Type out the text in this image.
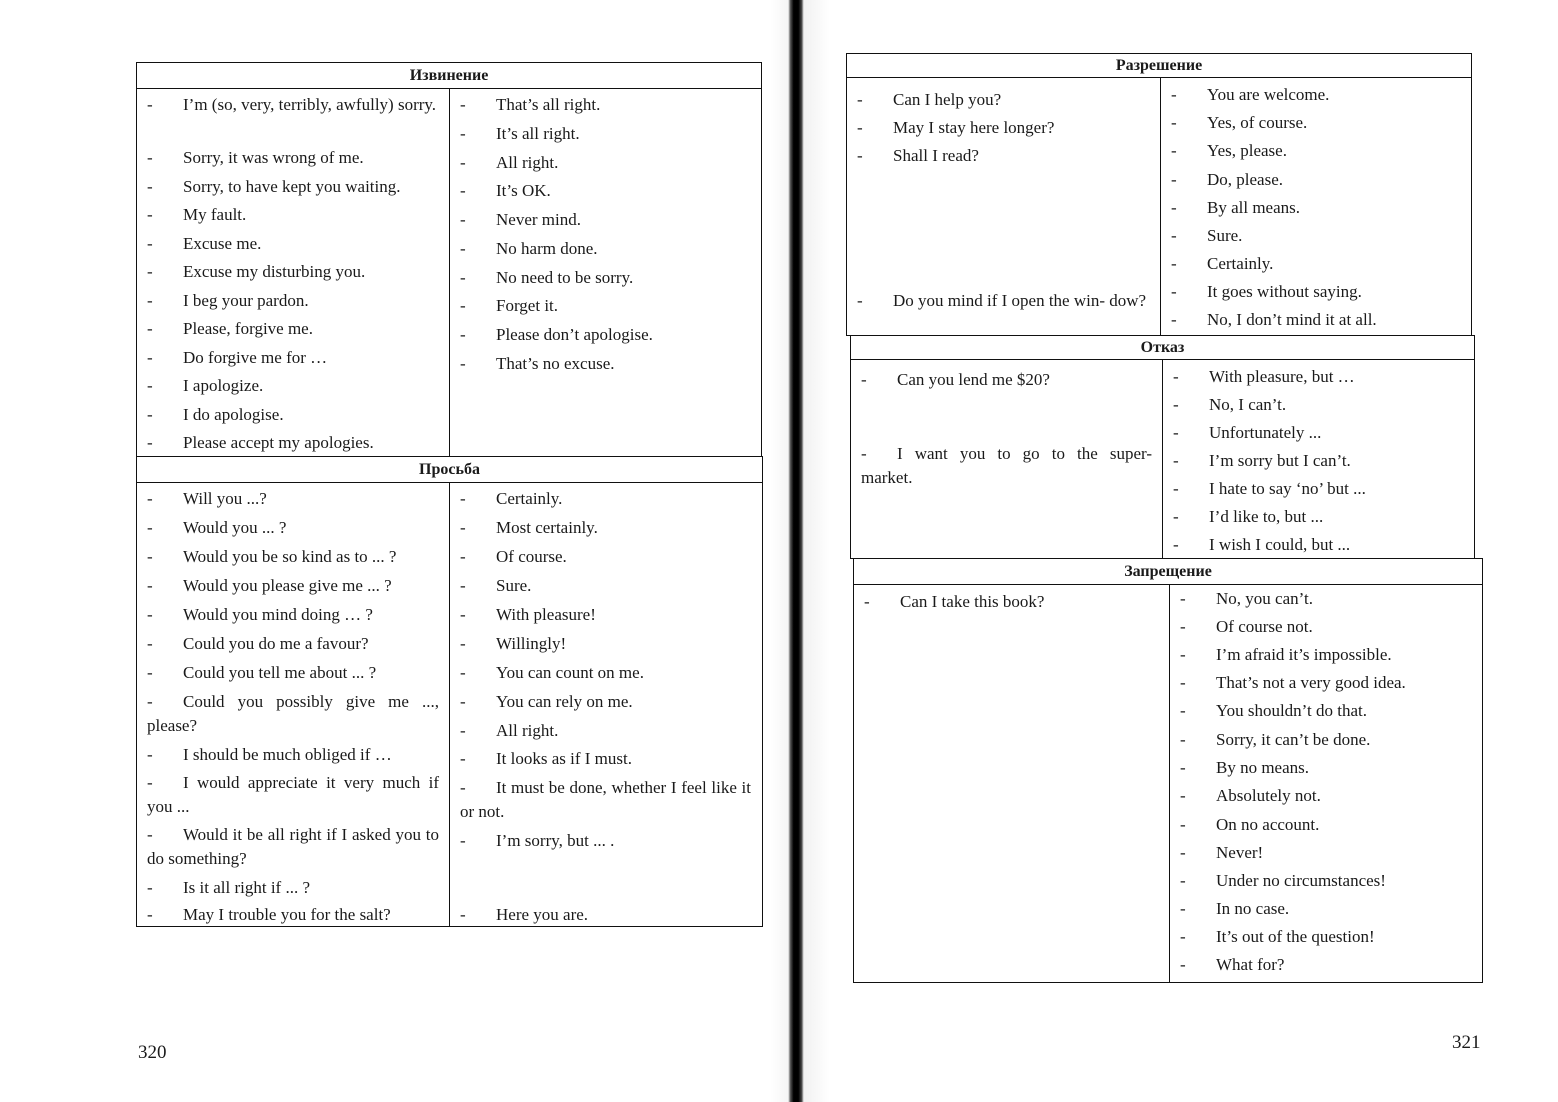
Извинение
- I’m (so, very, terribly, awfully) sorry.
- Sorry, it was wrong of me.
- Sorry, to have kept you waiting.
- My fault.
- Excuse me.
- Excuse my disturbing you.
- I beg your pardon.
- Please, forgive me.
- Do forgive me for …
- I apologize.
- I do apologise.
- Please accept my apologies.
- That’s all right.
- It’s all right.
- All right.
- It’s OK.
- Never mind.
- No harm done.
- No need to be sorry.
- Forget it.
- Please don’t apologise.
- That’s no excuse.
Просьба
- Will you ...?
- Would you ... ?
- Would you be so kind as to ... ?
- Would you please give me ... ?
- Would you mind doing … ?
- Could you do me a favour?
- Could you tell me about ... ?
- Could you possibly give me ..., please?
- I should be much obliged if …
- I would appreciate it very much if you ...
- Would it be all right if I asked you to do something?
- Is it all right if ... ?
- May I trouble you for the salt?
- Certainly.
- Most certainly.
- Of course.
- Sure.
- With pleasure!
- Willingly!
- You can count on me.
- You can rely on me.
- All right.
- It looks as if I must.
- It must be done, whether I feel like it or not.
- I’m sorry, but ... .
- Here you are.
320
Разрешение
- Can I help you?
- May I stay here longer?
- Shall I read?
- Do you mind if I open the win- dow?
- You are welcome.
- Yes, of course.
- Yes, please.
- Do, please.
- By all means.
- Sure.
- Certainly.
- It goes without saying.
- No, I don’t mind it at all.
Отказ
- Can you lend me $20?
- I want you to go to the super- market.
- With pleasure, but …
- No, I can’t.
- Unfortunately ...
- I’m sorry but I can’t.
- I hate to say ‘no’ but ...
- I’d like to, but ...
- I wish I could, but ...
Запрещение
- Can I take this book?	- No, you can’t.
- Of course not.
- I’m afraid it’s impossible.
- That’s not a very good idea.
- You shouldn’t do that.
- Sorry, it can’t be done.
- By no means.
- Absolutely not.
- On no account.
- Never!
- Under no circumstances!
- In no case.
- It’s out of the question!
- What for?
321
